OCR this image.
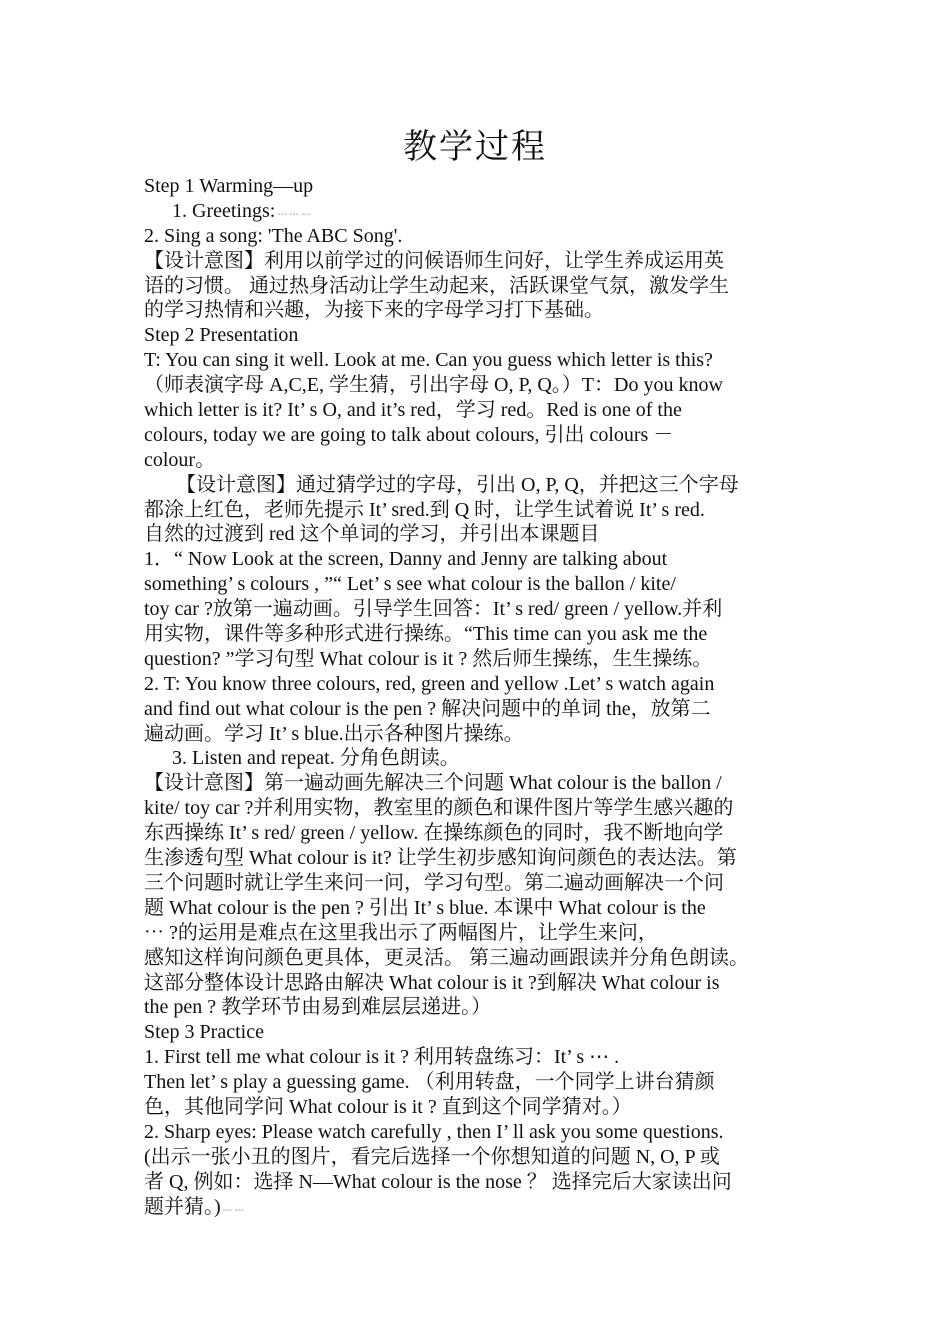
教学过程
Step 1 Warming—up
1. Greetings: ▪▪▪ ▪▪▪ ▪▪▪
2. Sing a song: 'The ABC Song'.
【设计意图】利用以前学过的问候语师生问好，让学生养成运用英
语的习惯。 通过热身活动让学生动起来，活跃课堂气氛，激发学生
的学习热情和兴趣，为接下来的字母学习打下基础。
Step 2 Presentation
T: You can sing it well. Look at me. Can you guess which letter is this?
（师表演字母 A,C,E, 学生猜，引出字母 O, P, Q。）T：Do you know
which letter is it? It’ s O, and it’s red，学习 red。Red is one of the
colours, today we are going to talk about colours, 引出 colours －
colour。
【设计意图】通过猜学过的字母，引出 O, P, Q，并把这三个字母
都涂上红色，老师先提示 It’ sred.到 Q 时，让学生试着说 It’ s red.
自然的过渡到 red 这个单词的学习，并引出本课题目
1．“ Now Look at the screen, Danny and Jenny are talking about
something’ s colours , ”“ Let’ s see what colour is the ballon / kite/
toy car ?放第一遍动画。引导学生回答：It’ s red/ green / yellow.并利
用实物，课件等多种形式进行操练。“This time can you ask me the
question? ”学习句型 What colour is it ? 然后师生操练，生生操练。
2. T: You know three colours, red, green and yellow .Let’ s watch again
and find out what colour is the pen ? 解决问题中的单词 the，放第二
遍动画。学习 It’ s blue.出示各种图片操练。
3. Listen and repeat. 分角色朗读。
【设计意图】第一遍动画先解决三个问题 What colour is the ballon /
kite/ toy car ?并利用实物，教室里的颜色和课件图片等学生感兴趣的
东西操练 It’ s red/ green / yellow. 在操练颜色的同时，我不断地向学
生渗透句型 What colour is it? 让学生初步感知询问颜色的表达法。第
三个问题时就让学生来问一问，学习句型。第二遍动画解决一个问
题 What colour is the pen ? 引出 It’ s blue. 本课中 What colour is the
⋯ ?的运用是难点在这里我出示了两幅图片，让学生来问，
感知这样询问颜色更具体，更灵活。 第三遍动画跟读并分角色朗读。
这部分整体设计思路由解决 What colour is it ?到解决 What colour is
the pen ? 教学环节由易到难层层递进。）
Step 3 Practice
1. First tell me what colour is it ? 利用转盘练习：It’ s ⋯ .
Then let’ s play a guessing game. （利用转盘，一个同学上讲台猜颜
色，其他同学问 What colour is it ? 直到这个同学猜对。）
2. Sharp eyes: Please watch carefully , then I’ ll ask you some questions.
(出示一张小丑的图片，看完后选择一个你想知道的问题 N, O, P 或
者 Q, 例如：选择 N—What colour is the nose ？ 选择完后大家读出问
题并猜。) ▪▪▪ ▪▪▪
